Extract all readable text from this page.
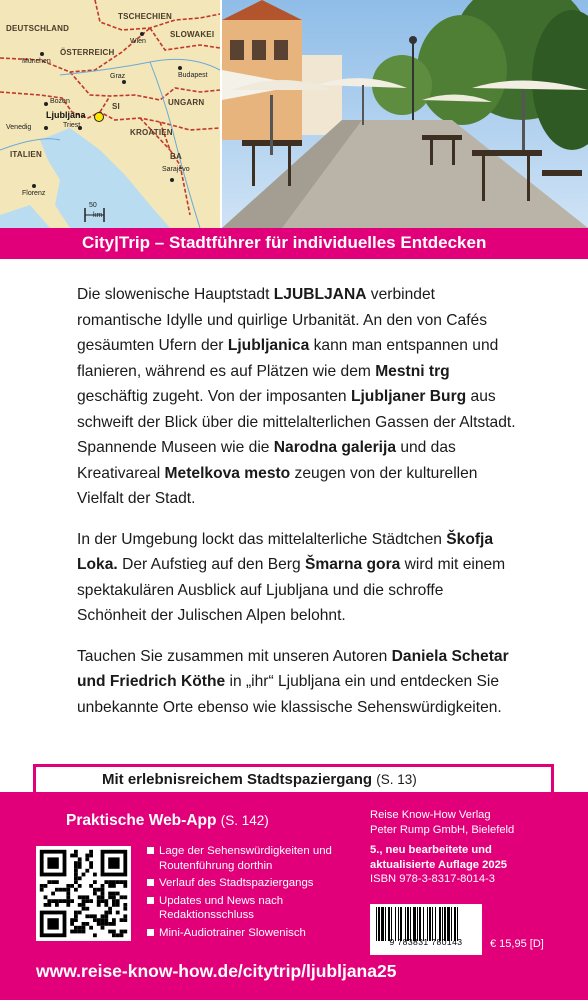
DEUTSCHLAND
TSCHECHIEN
SLOWAKEI
ÖSTERREICH
UNGARN
SI
KROATIEN
BA
ITALIEN
Wien
München
Graz	Budapest
Bozen
Triest
Venedig
Sarajevo
Florenz
Ljubljana
50
km
City|Trip – Stadtführer für individuelles Entdecken

Die slowenische Hauptstadt LJUBLJANA verbindet romantische Idylle und quirlige Urbanität. An den von Cafés gesäumten Ufern der Ljubljanica kann man entspannen und flanieren, während es auf Plätzen wie dem Mestni trg geschäftig zugeht. Von der imposanten Ljubljaner Burg aus schweift der Blick über die mittelalterlichen Gassen der Altstadt. Spannende Museen wie die Narodna galerija und das Kreativareal Metelkova mesto zeugen von der kulturellen Vielfalt der Stadt.

In der Umgebung lockt das mittelalterliche Städtchen Škofja Loka. Der Aufstieg auf den Berg Šmarna gora wird mit einem spektakulären Ausblick auf Ljubljana und die schroffe Schönheit der Julischen Alpen belohnt.

Tauchen Sie zusammen mit unseren Autoren Daniela Schetar und Friedrich Köthe in „ihr“ Ljubljana ein und entdecken Sie unbekannte Orte ebenso wie klassische Sehenswürdigkeiten.

Mit erlebnisreichem Stadtspaziergang (S. 13)
Praktische Web-App (S. 142)
Lage der Sehenswürdigkeiten und Routenführung dorthin
Verlauf des Stadtspaziergangs
Updates und News nach Redaktionsschluss
Mini-Audiotrainer Slowenisch
Reise Know-How Verlag
Peter Rump GmbH, Bielefeld
5., neu bearbeitete und
aktualisierte Auflage 2025
ISBN 978-3-8317-8014-3
9 783831 780143	€ 15,95 [D]
www.reise-know-how.de/citytrip/ljubljana25
